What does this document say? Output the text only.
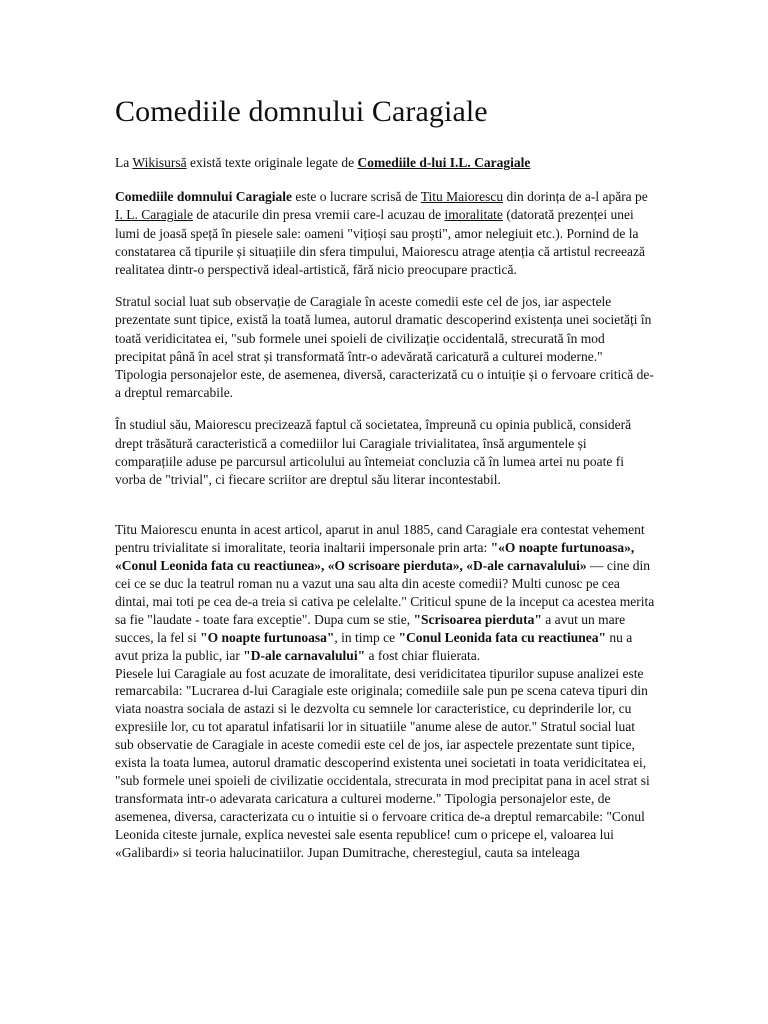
Comediile domnului Caragiale

La Wikisursă există texte originale legate de Comediile d-lui I.L. Caragiale

Comediile domnului Caragiale este o lucrare scrisă de Titu Maiorescu din dorința de a-l apăra pe I. L. Caragiale de atacurile din presa vremii care-l acuzau de imoralitate (datorată prezenței unei lumi de joasă speță în piesele sale: oameni "vițioși sau proști", amor nelegiuit etc.). Pornind de la constatarea că tipurile și situațiile din sfera timpului, Maiorescu atrage atenția că artistul recreează realitatea dintr-o perspectivă ideal-artistică, fără nicio preocupare practică.

Stratul social luat sub observație de Caragiale în aceste comedii este cel de jos, iar aspectele prezentate sunt tipice, există la toată lumea, autorul dramatic descoperind existența unei societăți în toată veridicitatea ei, "sub formele unei spoieli de civilizație occidentală, strecurată în mod precipitat până în acel strat și transformată într-o adevărată caricatură a culturei moderne." Tipologia personajelor este, de asemenea, diversă, caracterizată cu o intuiție și o fervoare critică de-a dreptul remarcabile.

În studiul său, Maiorescu precizează faptul că societatea, împreună cu opinia publică, consideră drept trăsătură caracteristică a comediilor lui Caragiale trivialitatea, însă argumentele și comparațiile aduse pe parcursul articolului au întemeiat concluzia că în lumea artei nu poate fi vorba de "trivial", ci fiecare scriitor are dreptul său literar incontestabil.

Titu Maiorescu enunta in acest articol, aparut in anul 1885, cand Caragiale era contestat vehement pentru trivialitate si imoralitate, teoria inaltarii impersonale prin arta: "«O noapte furtunoasa», «Conul Leonida fata cu reactiunea», «O scrisoare pierduta», «D-ale carnavalului» — cine din cei ce se duc la teatrul roman nu a vazut una sau alta din aceste comedii? Multi cunosc pe cea dintai, mai toti pe cea de-a treia si cativa pe celelalte." Criticul spune de la inceput ca acestea merita sa fie "laudate - toate fara exceptie". Dupa cum se stie, "Scrisoarea pierduta" a avut un mare succes, la fel si "O noapte furtunoasa", in timp ce "Conul Leonida fata cu reactiunea" nu a avut priza la public, iar "D-ale carnavalului" a fost chiar fluierata.

Piesele lui Caragiale au fost acuzate de imoralitate, desi veridicitatea tipurilor supuse analizei este remarcabila: "Lucrarea d-lui Caragiale este originala; comediile sale pun pe scena cateva tipuri din viata noastra sociala de astazi si le dezvolta cu semnele lor caracteristice, cu deprinderile lor, cu expresiile lor, cu tot aparatul infatisarii lor in situatiile "anume alese de autor." Stratul social luat sub observatie de Caragiale in aceste comedii este cel de jos, iar aspectele prezentate sunt tipice, exista la toata lumea, autorul dramatic descoperind existenta unei societati in toata veridicitatea ei, "sub formele unei spoieli de civilizatie occidentala, strecurata in mod precipitat pana in acel strat si transformata intr-o adevarata caricatura a culturei moderne." Tipologia personajelor este, de asemenea, diversa, caracterizata cu o intuitie si o fervoare critica de-a dreptul remarcabile: "Conul Leonida citeste jurnale, explica nevestei sale esenta republice! cum o pricepe el, valoarea lui «Galibardi» si teoria halucinatiilor. Jupan Dumitrache, cherestegiul, cauta sa inteleaga
